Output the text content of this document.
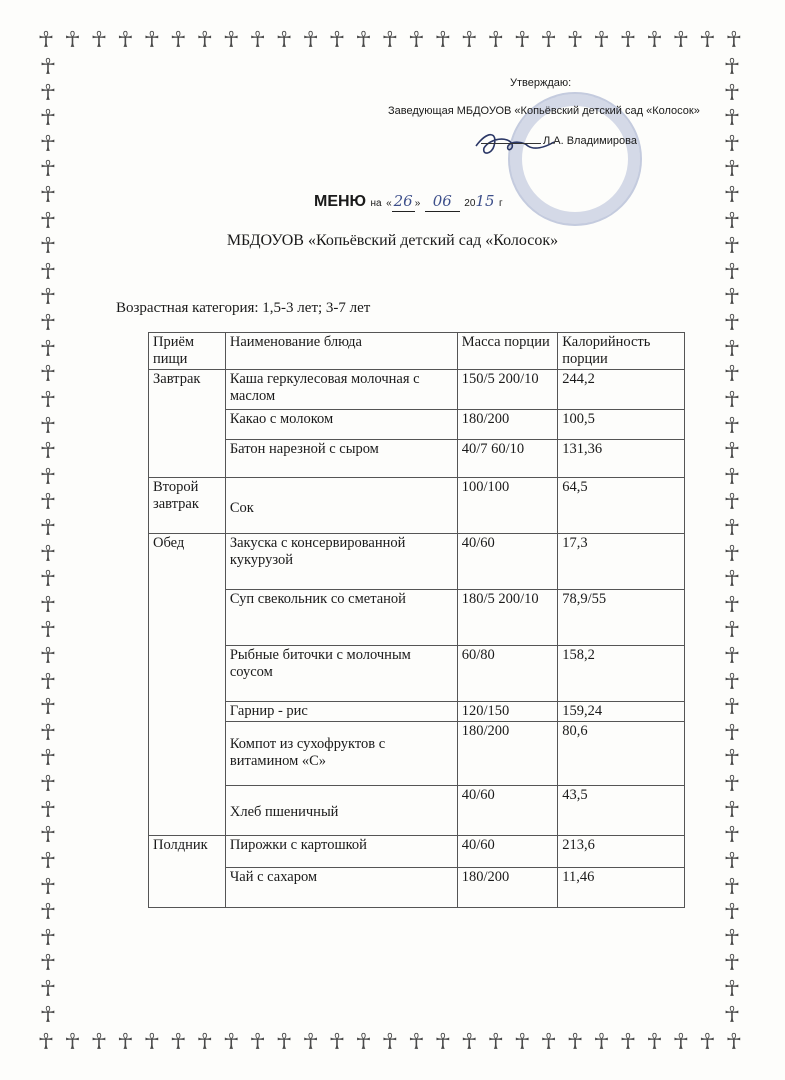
☥ ☥ ☥ ☥ ☥ ☥ ☥ ☥ ☥ ☥ ☥ ☥ ☥ ☥ ☥ ☥ ☥ ☥ ☥ ☥ ☥ ☥ ☥ ☥ ☥ ☥ ☥
☥ ☥ ☥ ☥ ☥ ☥ ☥ ☥ ☥ ☥ ☥ ☥ ☥ ☥ ☥ ☥ ☥ ☥ ☥ ☥ ☥ ☥ ☥ ☥ ☥ ☥ ☥
☥
☥
☥
☥
☥
☥
☥
☥
☥
☥
☥
☥
☥
☥
☥
☥
☥
☥
☥
☥
☥
☥
☥
☥
☥
☥
☥
☥
☥
☥
☥
☥
☥
☥
☥
☥
☥
☥
☥
☥
☥
☥
☥
☥
☥
☥
☥
☥
☥
☥
☥
☥
☥
☥
☥
☥
☥
☥
☥
☥
☥
☥
☥
☥
☥
☥
☥
☥
☥
☥
☥
☥
☥
☥
☥
☥
Утверждаю:
Заведующая МБДОУОВ «Копьёвский детский сад «Колосок»
Л.А. Владимирова
МЕНЮ на « 26 » 06 2015 г
МБДОУОВ «Копьёвский детский сад «Колосок»
Возрастная категория: 1,5-3 лет; 3-7 лет
Приём пищи	Наименование блюда	Масса порции	Калорийность порции
Завтрак	Каша геркулесовая молочная с маслом	150/5 200/10	244,2
	Какао с молоком	180/200	100,5
	Батон нарезной с сыром	40/7 60/10	131,36
Второй завтрак	Сок	100/100	64,5
Обед	Закуска с консервированной кукурузой	40/60	17,3
	Суп свекольник со сметаной	180/5 200/10	78,9/55
	Рыбные биточки с молочным соусом	60/80	158,2
	Гарнир - рис	120/150	159,24
	Компот из сухофруктов с витамином «С»	180/200	80,6
	Хлеб пшеничный	40/60	43,5
Полдник	Пирожки с картошкой	40/60	213,6
	Чай с сахаром	180/200	11,46
